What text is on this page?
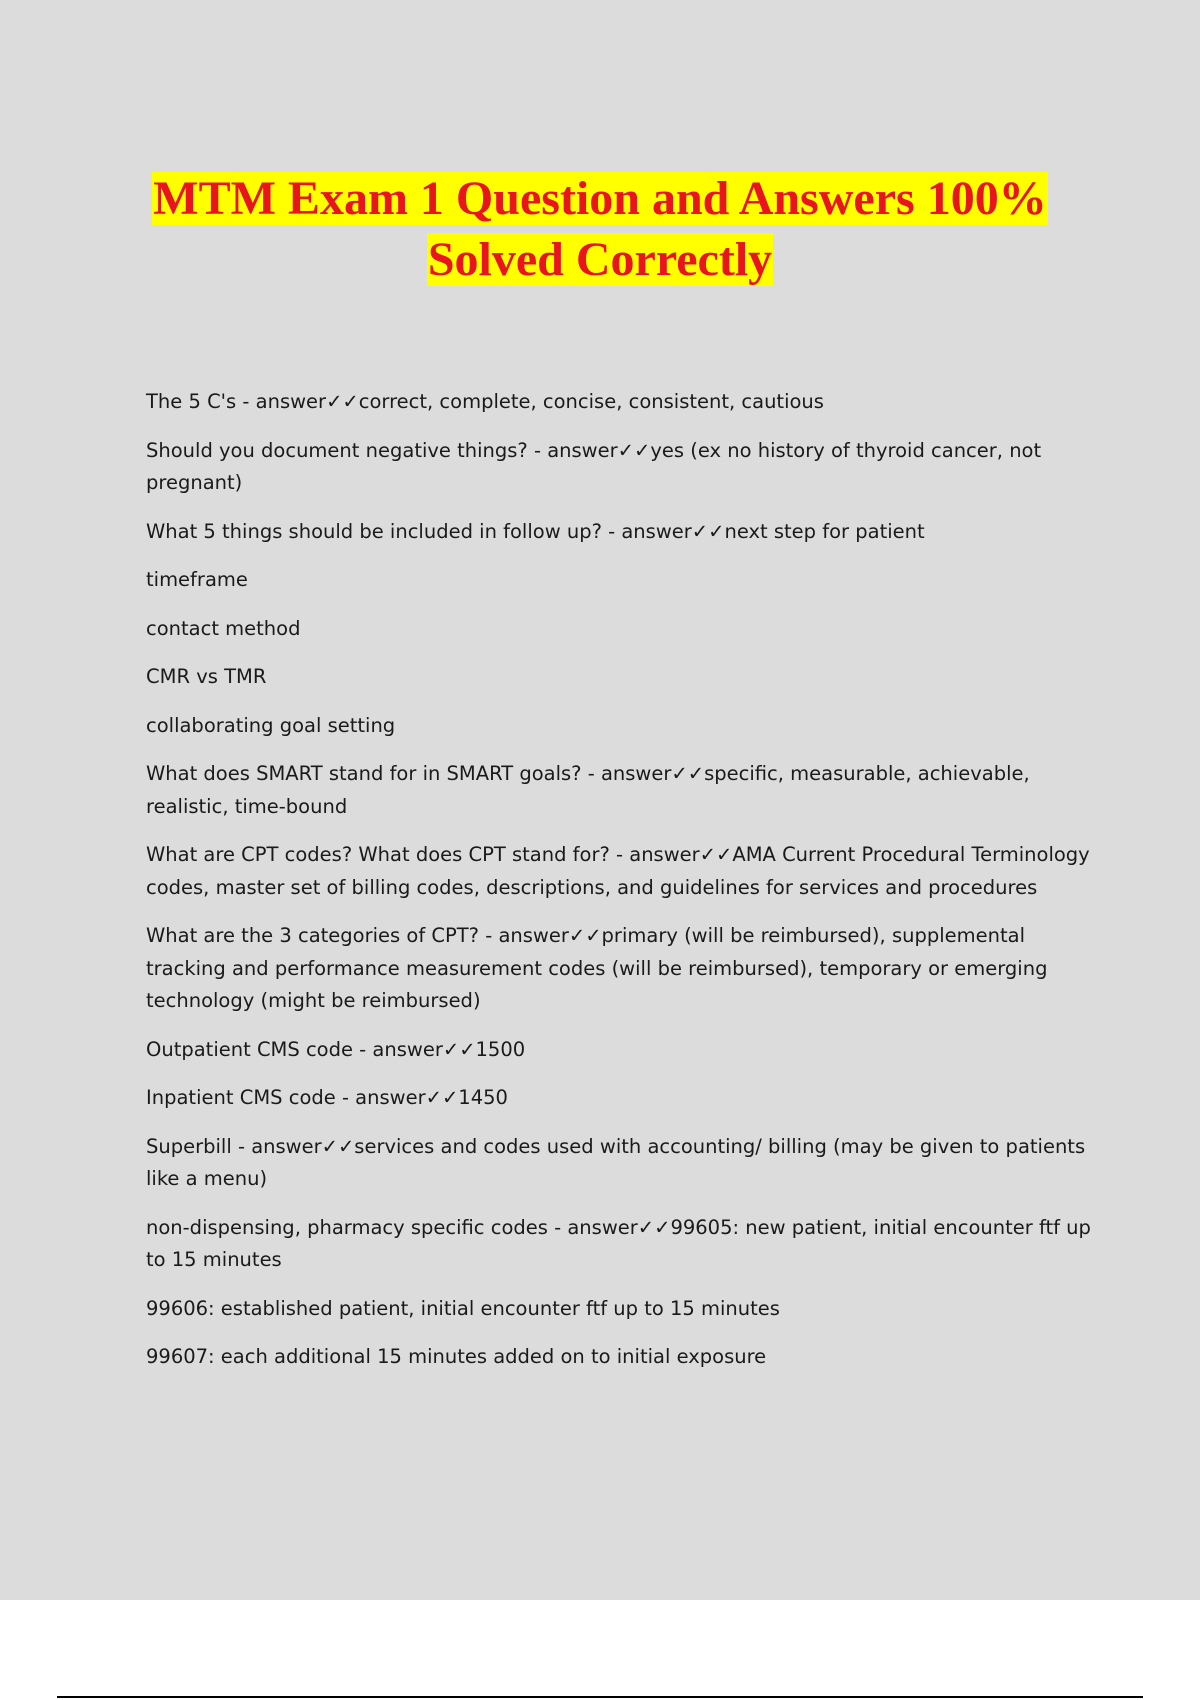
MTM Exam 1 Question and Answers 100%
Solved Correctly

The 5 C's - answer✓✓correct, complete, concise, consistent, cautious

Should you document negative things? - answer✓✓yes (ex no history of thyroid cancer, not pregnant)

What 5 things should be included in follow up? - answer✓✓next step for patient

timeframe

contact method

CMR vs TMR

collaborating goal setting

What does SMART stand for in SMART goals? - answer✓✓specific, measurable, achievable, realistic, time-bound

What are CPT codes? What does CPT stand for? - answer✓✓AMA Current Procedural Terminology codes, master set of billing codes, descriptions, and guidelines for services and procedures

What are the 3 categories of CPT? - answer✓✓primary (will be reimbursed), supplemental tracking and performance measurement codes (will be reimbursed), temporary or emerging technology (might be reimbursed)

Outpatient CMS code - answer✓✓1500

Inpatient CMS code - answer✓✓1450

Superbill - answer✓✓services and codes used with accounting/ billing (may be given to patients like a menu)

non-dispensing, pharmacy specific codes - answer✓✓99605: new patient, initial encounter ftf up to 15 minutes

99606: established patient, initial encounter ftf up to 15 minutes

99607: each additional 15 minutes added on to initial exposure
